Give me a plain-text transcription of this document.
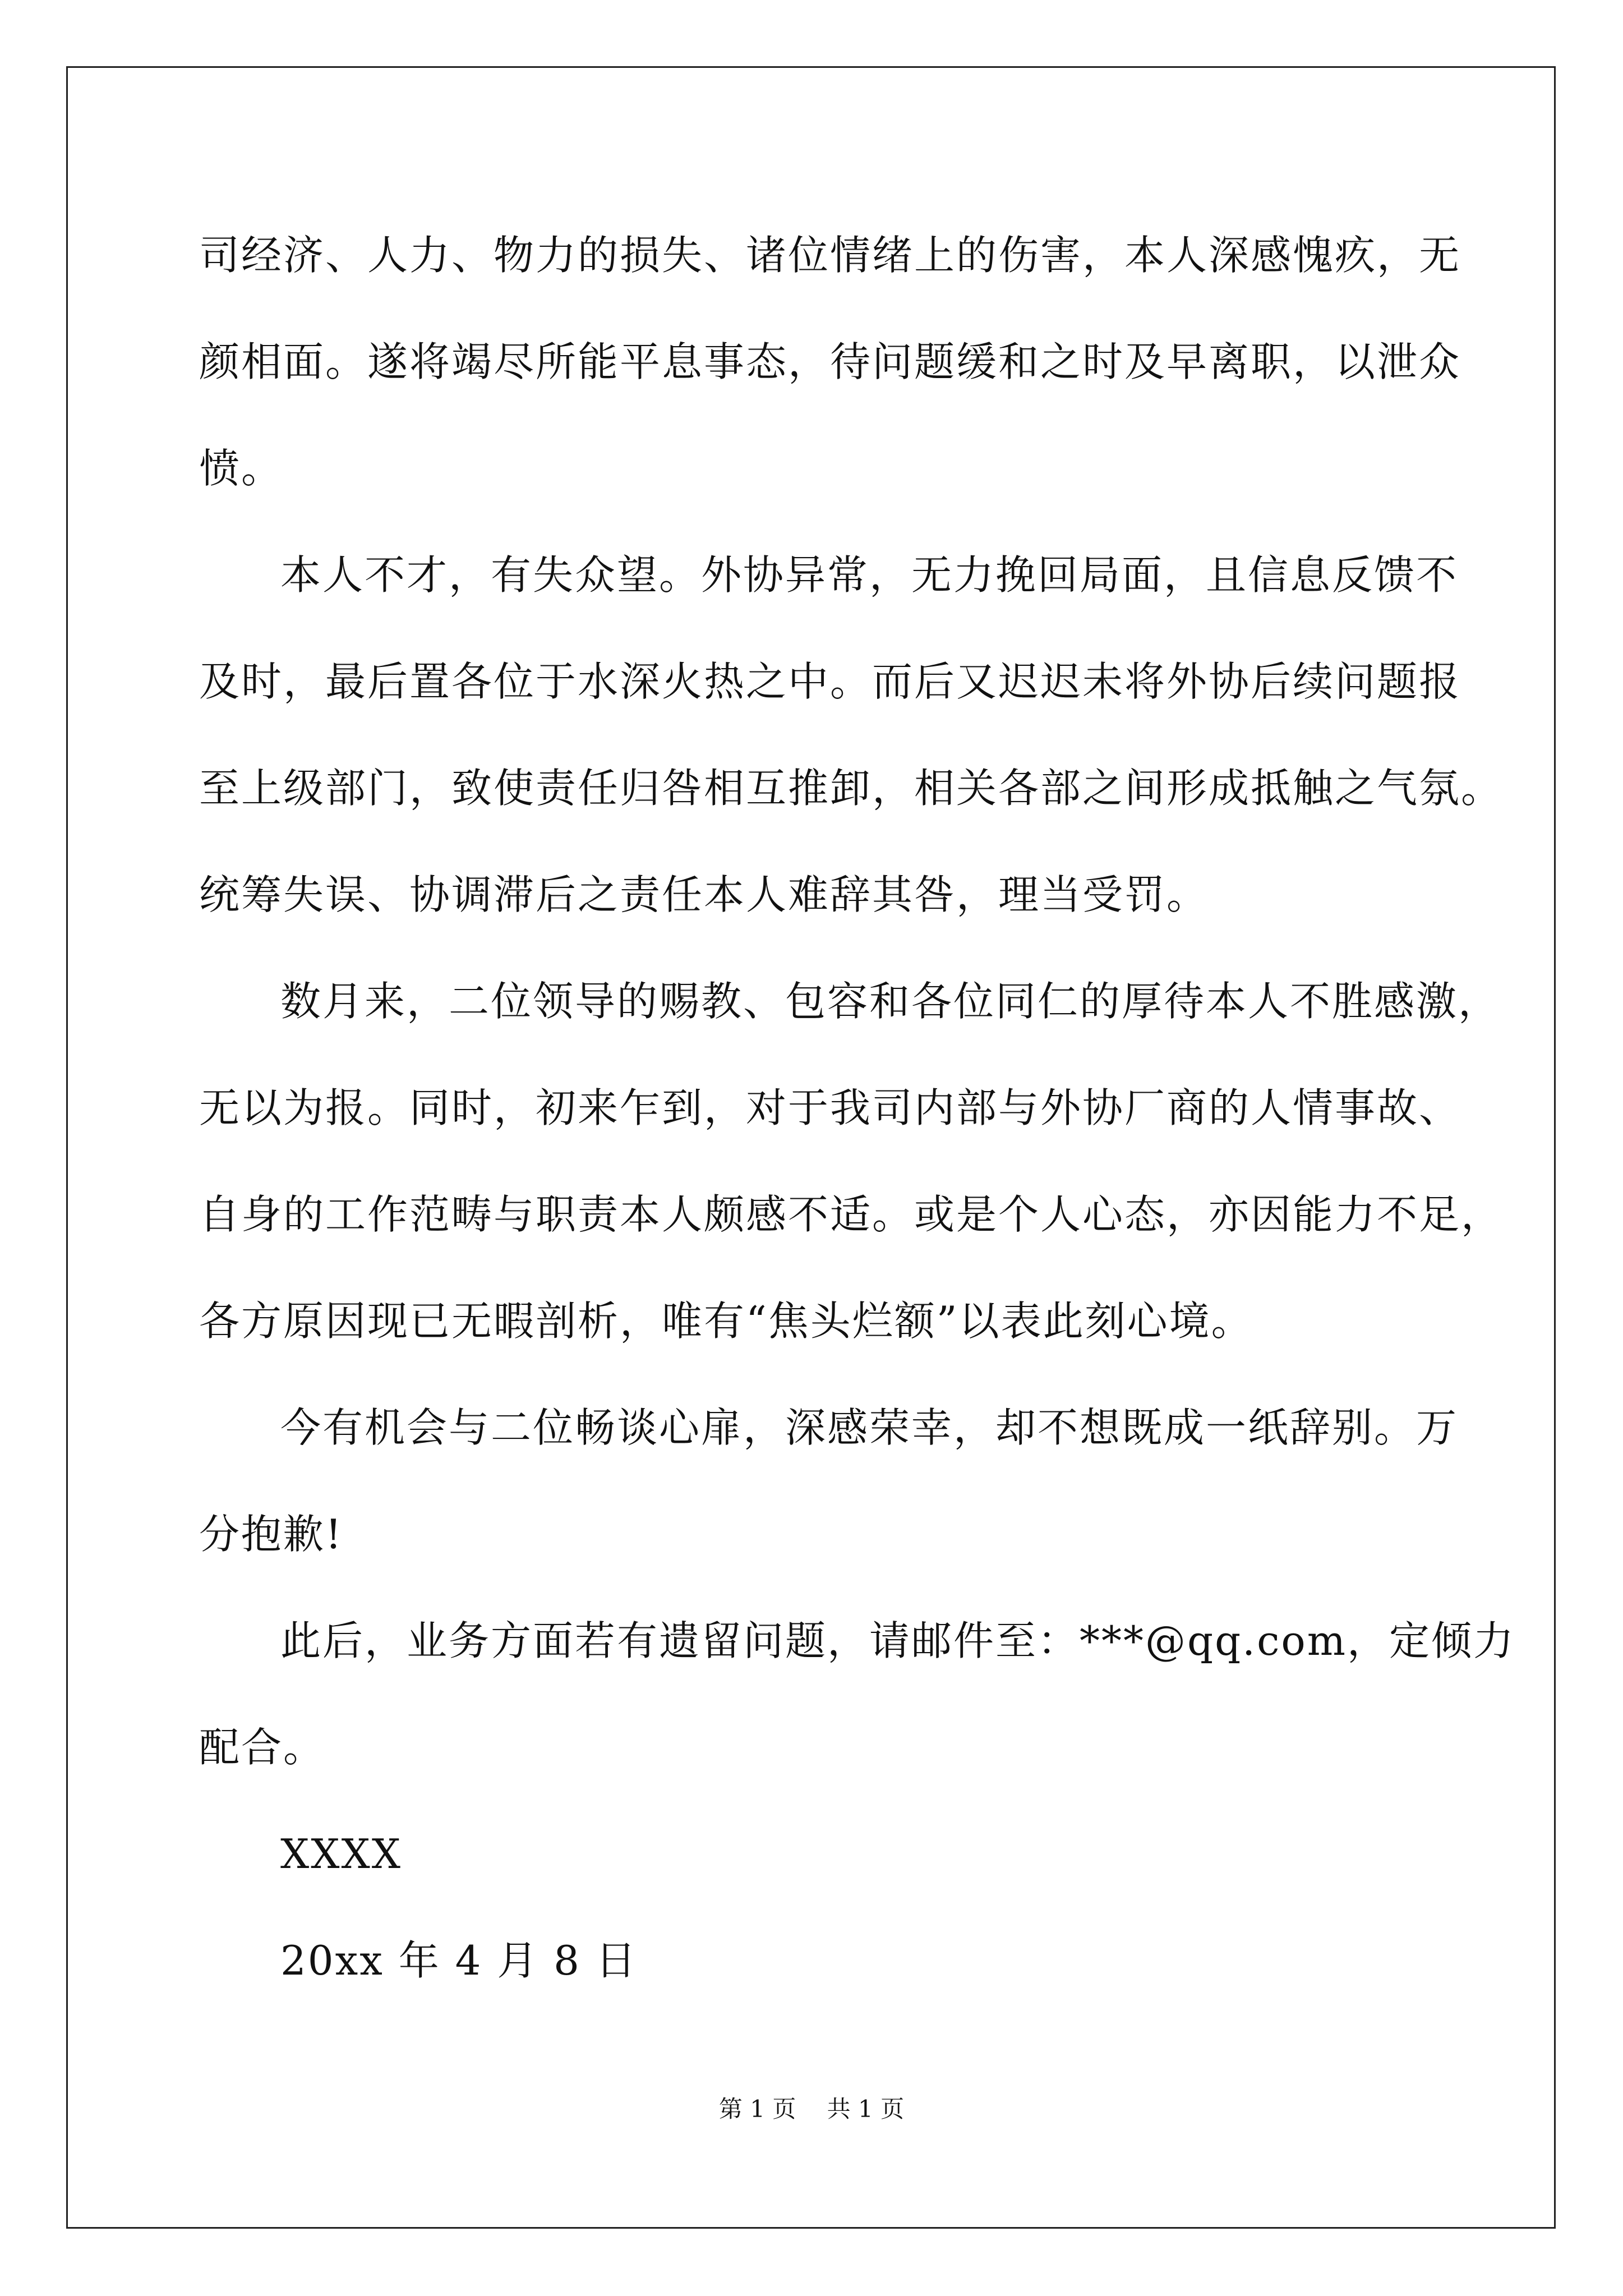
司经济、人力、物力的损失、诸位情绪上的伤害，本人深感愧疚，无
颜相面。遂将竭尽所能平息事态，待问题缓和之时及早离职，以泄众
愤。
本人不才，有失众望。外协异常，无力挽回局面，且信息反馈不
及时，最后置各位于水深火热之中。而后又迟迟未将外协后续问题报
至上级部门，致使责任归咎相互推卸，相关各部之间形成抵触之气氛。
统筹失误、协调滞后之责任本人难辞其咎，理当受罚。
数月来，二位领导的赐教、包容和各位同仁的厚待本人不胜感激，
无以为报。同时，初来乍到，对于我司内部与外协厂商的人情事故、
自身的工作范畴与职责本人颇感不适。或是个人心态，亦因能力不足，
各方原因现已无暇剖析，唯有“焦头烂额”以表此刻心境。
今有机会与二位畅谈心扉，深感荣幸，却不想既成一纸辞别。万
分抱歉!
此后，业务方面若有遗留问题，请邮件至：***@qq.com，定倾力
配合。
XXXX
20xx 年 4 月 8 日
第 1 页　 共 1 页
